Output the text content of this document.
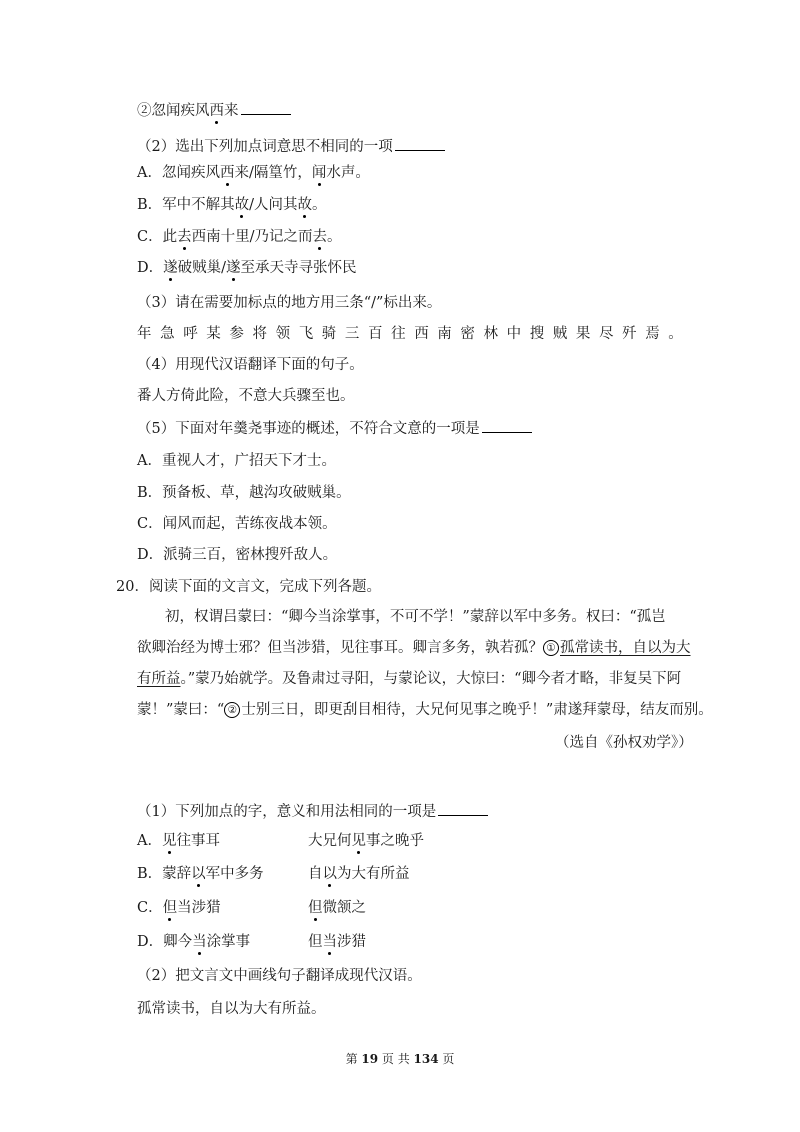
②忽闻疾风西来
（2）选出下列加点词意思不相同的一项
A．忽闻疾风西来/隔篁竹，闻水声。
B．军中不解其故/人问其故。
C．此去西南十里/乃记之而去。
D．遂破贼巢/遂至承天寺寻张怀民
（3）请在需要加标点的地方用三条“/”标出来。
年急呼某参将领飞骑三百往西南密林中搜贼果尽歼焉。
（4）用现代汉语翻译下面的句子。
番人方倚此险，不意大兵骤至也。
（5）下面对年羹尧事迹的概述，不符合文意的一项是
A．重视人才，广招天下才士。
B．预备板、草，越沟攻破贼巢。
C．闻风而起，苦练夜战本领。
D．派骑三百，密林搜歼敌人。
20．阅读下面的文言文，完成下列各题。
初，权谓吕蒙曰：“卿今当涂掌事，不可不学！”蒙辞以军中多务。权曰：“孤岂
欲卿治经为博士邪？但当涉猎，见往事耳。卿言多务，孰若孤？ ① 孤常读书，自以为大
有所益。”蒙乃始就学。及鲁肃过寻阳，与蒙论议，大惊曰：“卿今者才略，非复吴下阿
蒙！”蒙曰：“ ② 士别三日，即更刮目相待，大兄何见事之晚乎！”肃遂拜蒙母，结友而别。
（选自《孙权劝学》）
（1）下列加点的字，意义和用法相同的一项是
A．见往事耳	大兄何见事之晚乎
B．蒙辞以军中多务	自以为大有所益
C．但当涉猎	但微颔之
D．卿今当涂掌事	但当涉猎
（2）把文言文中画线句子翻译成现代汉语。
孤常读书，自以为大有所益。
第 19 页 共 134 页
